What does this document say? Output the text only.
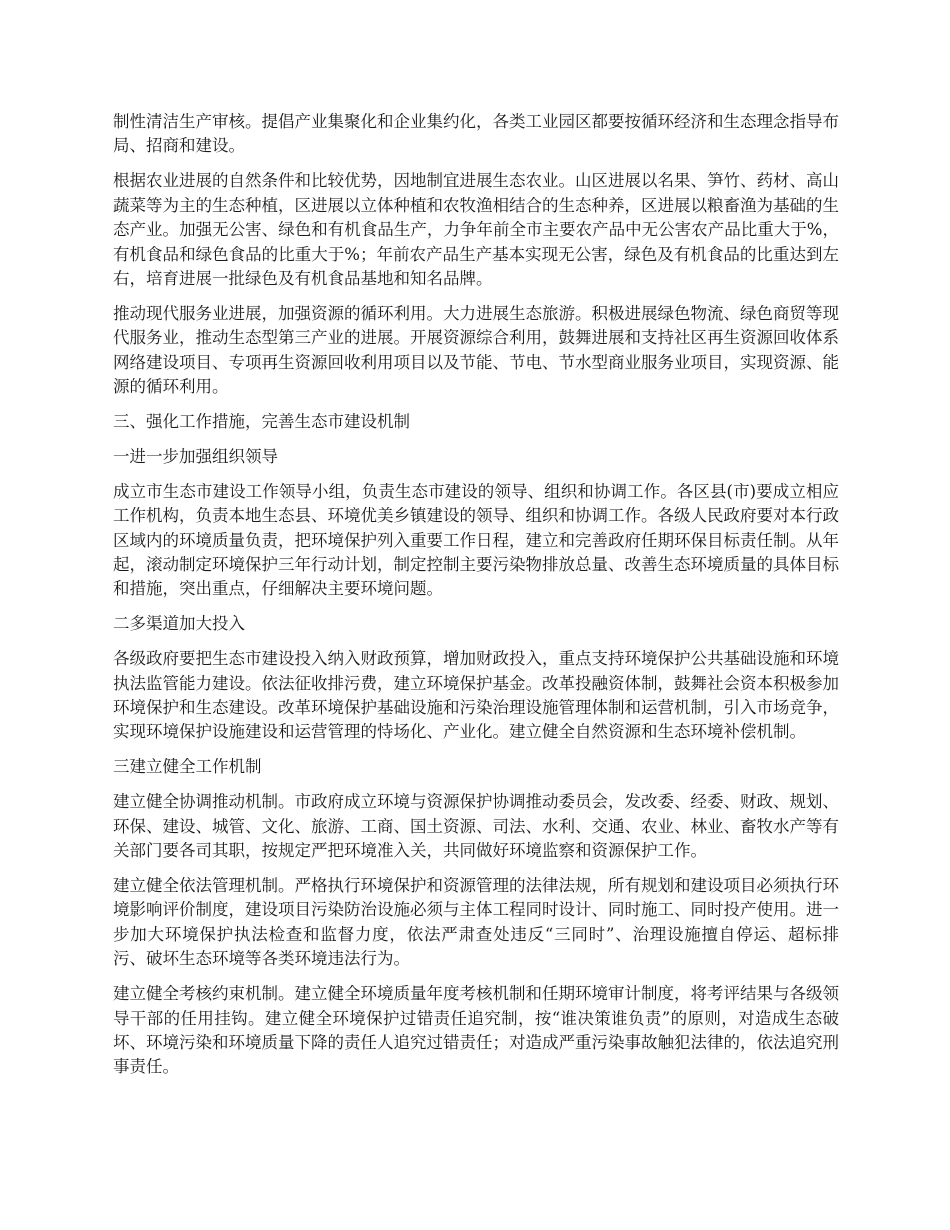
制性清洁生产审核。提倡产业集聚化和企业集约化，各类工业园区都要按循环经济和生态理念指导布局、招商和建设。

根据农业进展的自然条件和比较优势，因地制宜进展生态农业。山区进展以名果、笋竹、药材、高山蔬菜等为主的生态种植，区进展以立体种植和农牧渔相结合的生态种养，区进展以粮畜渔为基础的生态产业。加强无公害、绿色和有机食品生产，力争年前全市主要农产品中无公害农产品比重大于%，有机食品和绿色食品的比重大于%；年前农产品生产基本实现无公害，绿色及有机食品的比重达到左右，培育进展一批绿色及有机食品基地和知名品牌。

推动现代服务业进展，加强资源的循环利用。大力进展生态旅游。积极进展绿色物流、绿色商贸等现代服务业，推动生态型第三产业的进展。开展资源综合利用，鼓舞进展和支持社区再生资源回收体系网络建设项目、专项再生资源回收利用项目以及节能、节电、节水型商业服务业项目，实现资源、能源的循环利用。

三、强化工作措施，完善生态市建设机制

一进一步加强组织领导

成立市生态市建设工作领导小组，负责生态市建设的领导、组织和协调工作。各区县(市)要成立相应工作机构，负责本地生态县、环境优美乡镇建设的领导、组织和协调工作。各级人民政府要对本行政区域内的环境质量负责，把环境保护列入重要工作日程，建立和完善政府任期环保目标责任制。从年起，滚动制定环境保护三年行动计划，制定控制主要污染物排放总量、改善生态环境质量的具体目标和措施，突出重点，仔细解决主要环境问题。

二多渠道加大投入

各级政府要把生态市建设投入纳入财政预算，增加财政投入，重点支持环境保护公共基础设施和环境执法监管能力建设。依法征收排污费，建立环境保护基金。改革投融资体制，鼓舞社会资本积极参加环境保护和生态建设。改革环境保护基础设施和污染治理设施管理体制和运营机制，引入市场竞争，实现环境保护设施建设和运营管理的恃场化、产业化。建立健全自然资源和生态环境补偿机制。

三建立健全工作机制

建立健全协调推动机制。市政府成立环境与资源保护协调推动委员会，发改委、经委、财政、规划、环保、建设、城管、文化、旅游、工商、国土资源、司法、水利、交通、农业、林业、畜牧水产等有关部门要各司其职，按规定严把环境准入关，共同做好环境监察和资源保护工作。

建立健全依法管理机制。严格执行环境保护和资源管理的法律法规，所有规划和建设项目必须执行环境影响评价制度，建设项目污染防治设施必须与主体工程同时设计、同时施工、同时投产使用。进一步加大环境保护执法检查和监督力度，依法严肃查处违反“三同时”、治理设施擅自停运、超标排污、破坏生态环境等各类环境违法行为。

建立健全考核约束机制。建立健全环境质量年度考核机制和任期环境审计制度，将考评结果与各级领导干部的任用挂钩。建立健全环境保护过错责任追究制，按“谁决策谁负责”的原则，对造成生态破坏、环境污染和环境质量下降的责任人追究过错责任；对造成严重污染事故触犯法律的，依法追究刑事责任。
